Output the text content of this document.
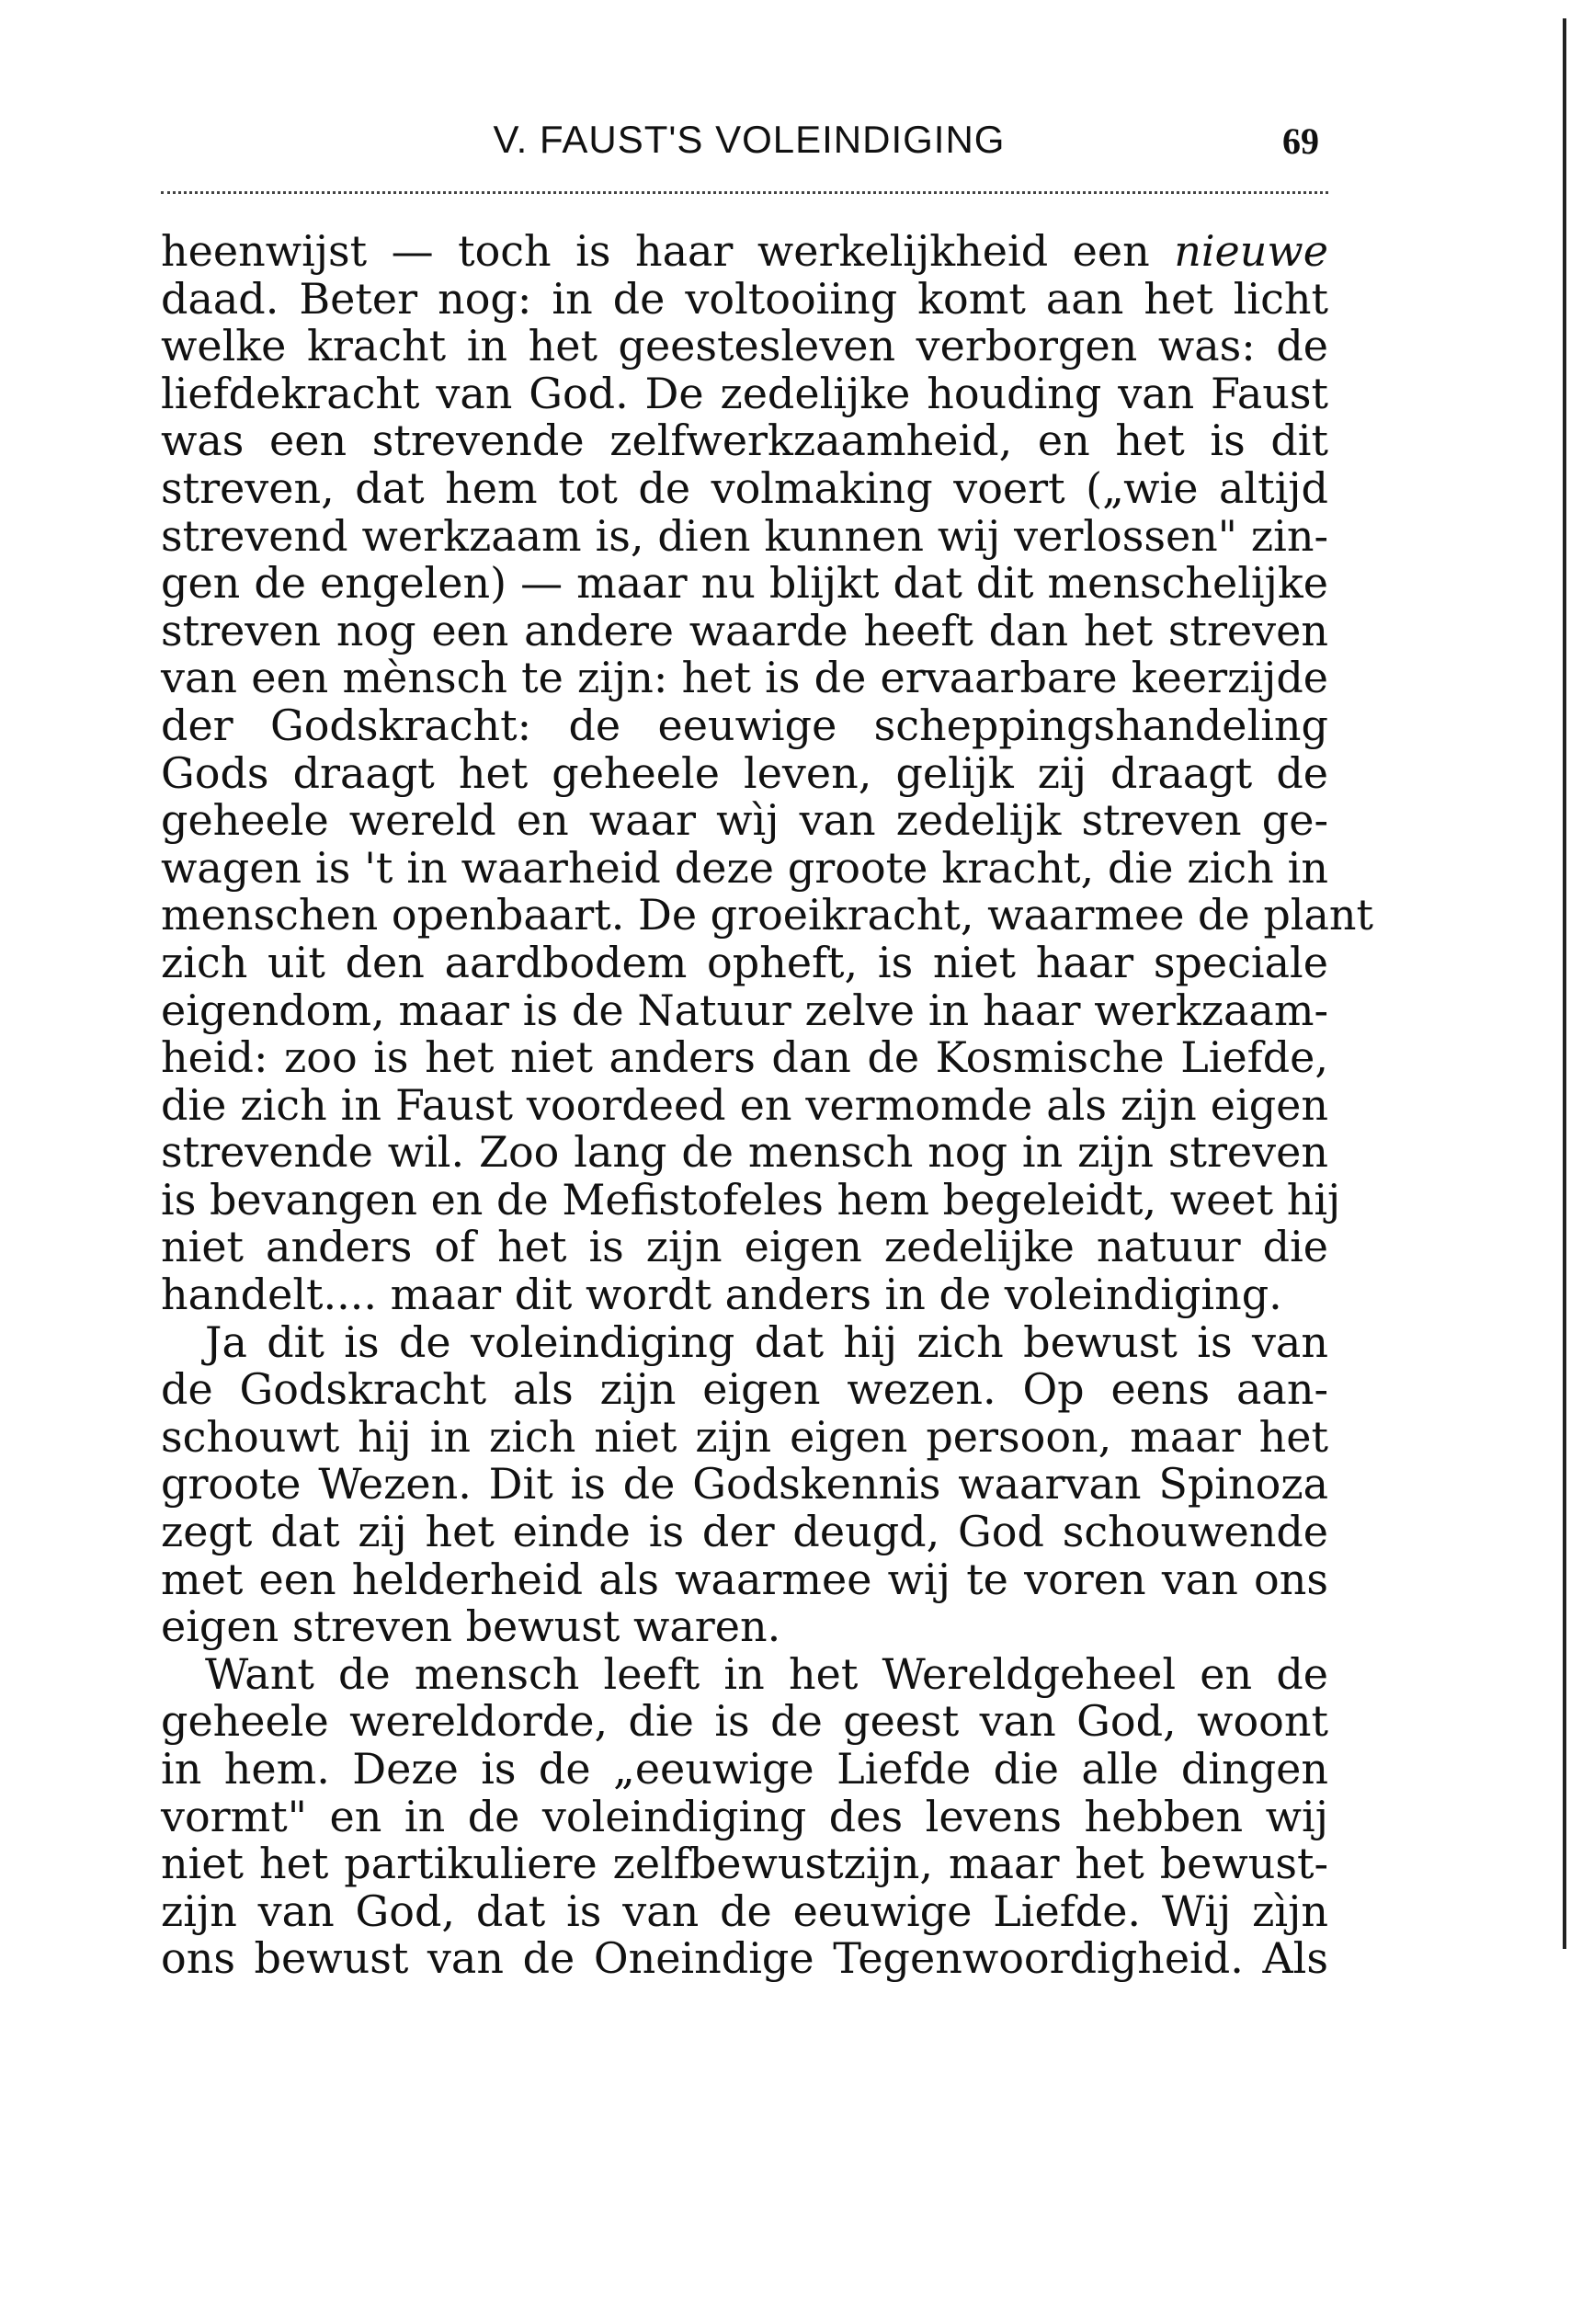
V. FAUST'S VOLEINDIGING	69
heenwijst — toch is haar werkelijkheid een nieuwe
daad. Beter nog: in de voltooiing komt aan het licht
welke kracht in het geestesleven verborgen was: de
liefdekracht van God. De zedelijke houding van Faust
was een strevende zelfwerkzaamheid, en het is dit
streven, dat hem tot de volmaking voert („wie altijd
strevend werkzaam is, dien kunnen wij verlossen" zin-
gen de engelen) — maar nu blijkt dat dit menschelijke
streven nog een andere waarde heeft dan het streven
van een mènsch te zijn: het is de ervaarbare keerzijde
der Godskracht: de eeuwige scheppingshandeling
Gods draagt het geheele leven, gelijk zij draagt de
geheele wereld en waar wìj van zedelijk streven ge-
wagen is 't in waarheid deze groote kracht, die zich in
menschen openbaart. De groeikracht, waarmee de plant
zich uit den aardbodem opheft, is niet haar speciale
eigendom, maar is de Natuur zelve in haar werkzaam-
heid: zoo is het niet anders dan de Kosmische Liefde,
die zich in Faust voordeed en vermomde als zijn eigen
strevende wil. Zoo lang de mensch nog in zijn streven
is bevangen en de Mefistofeles hem begeleidt, weet hij
niet anders of het is zijn eigen zedelijke natuur die
handelt.... maar dit wordt anders in de voleindiging.
Ja dit is de voleindiging dat hij zich bewust is van
de Godskracht als zijn eigen wezen. Op eens aan-
schouwt hij in zich niet zijn eigen persoon, maar het
groote Wezen. Dit is de Godskennis waarvan Spinoza
zegt dat zij het einde is der deugd, God schouwende
met een helderheid als waarmee wij te voren van ons
eigen streven bewust waren.
Want de mensch leeft in het Wereldgeheel en de
geheele wereldorde, die is de geest van God, woont
in hem. Deze is de „eeuwige Liefde die alle dingen
vormt" en in de voleindiging des levens hebben wij
niet het partikuliere zelfbewustzijn, maar het bewust-
zijn van God, dat is van de eeuwige Liefde. Wij zìjn
ons bewust van de Oneindige Tegenwoordigheid. Als
